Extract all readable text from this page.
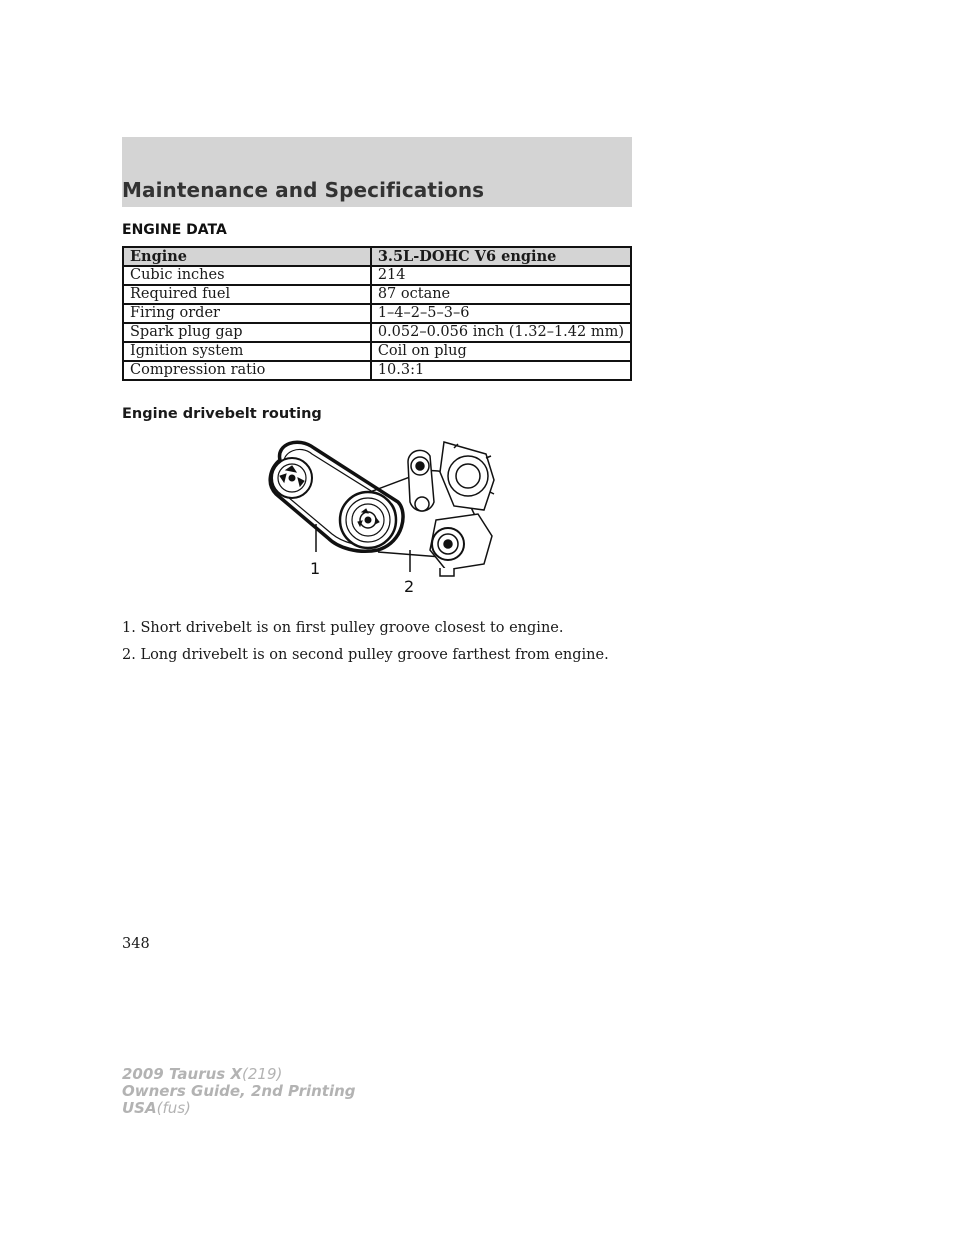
Maintenance and Specifications
ENGINE DATA
Engine	3.5L-DOHC V6 engine
Cubic inches	214
Required fuel	87 octane
Firing order	1–4–2–5–3–6
Spark plug gap	0.052–0.056 inch (1.32–1.42 mm)
Ignition system	Coil on plug
Compression ratio	10.3:1
Engine drivebelt routing
1
2
1. Short drivebelt is on first pulley groove closest to engine.
2. Long drivebelt is on second pulley groove farthest from engine.
348
2009 Taurus X(219)
Owners Guide, 2nd Printing
USA(fus)
